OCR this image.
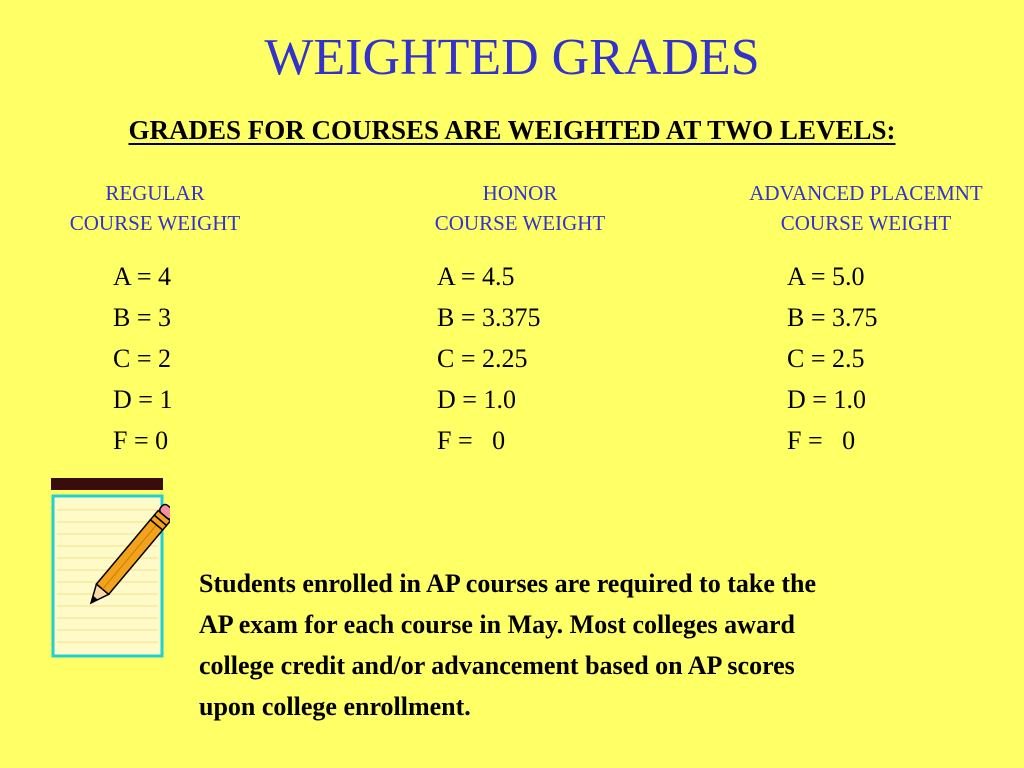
WEIGHTED GRADES
GRADES FOR COURSES ARE WEIGHTED AT TWO LEVELS:
REGULAR
COURSE WEIGHT
HONOR
COURSE WEIGHT
ADVANCED PLACEMNT
COURSE WEIGHT
A = 4
B = 3
C = 2
D = 1
F = 0
A = 4.5
B = 3.375
C = 2.25
D = 1.0
F =   0
A = 5.0
B = 3.75
C = 2.5
D = 1.0
F =   0
Students enrolled in AP courses are required to take the
AP exam for each course in May. Most colleges award
college credit and/or advancement based on AP scores
upon college enrollment.
